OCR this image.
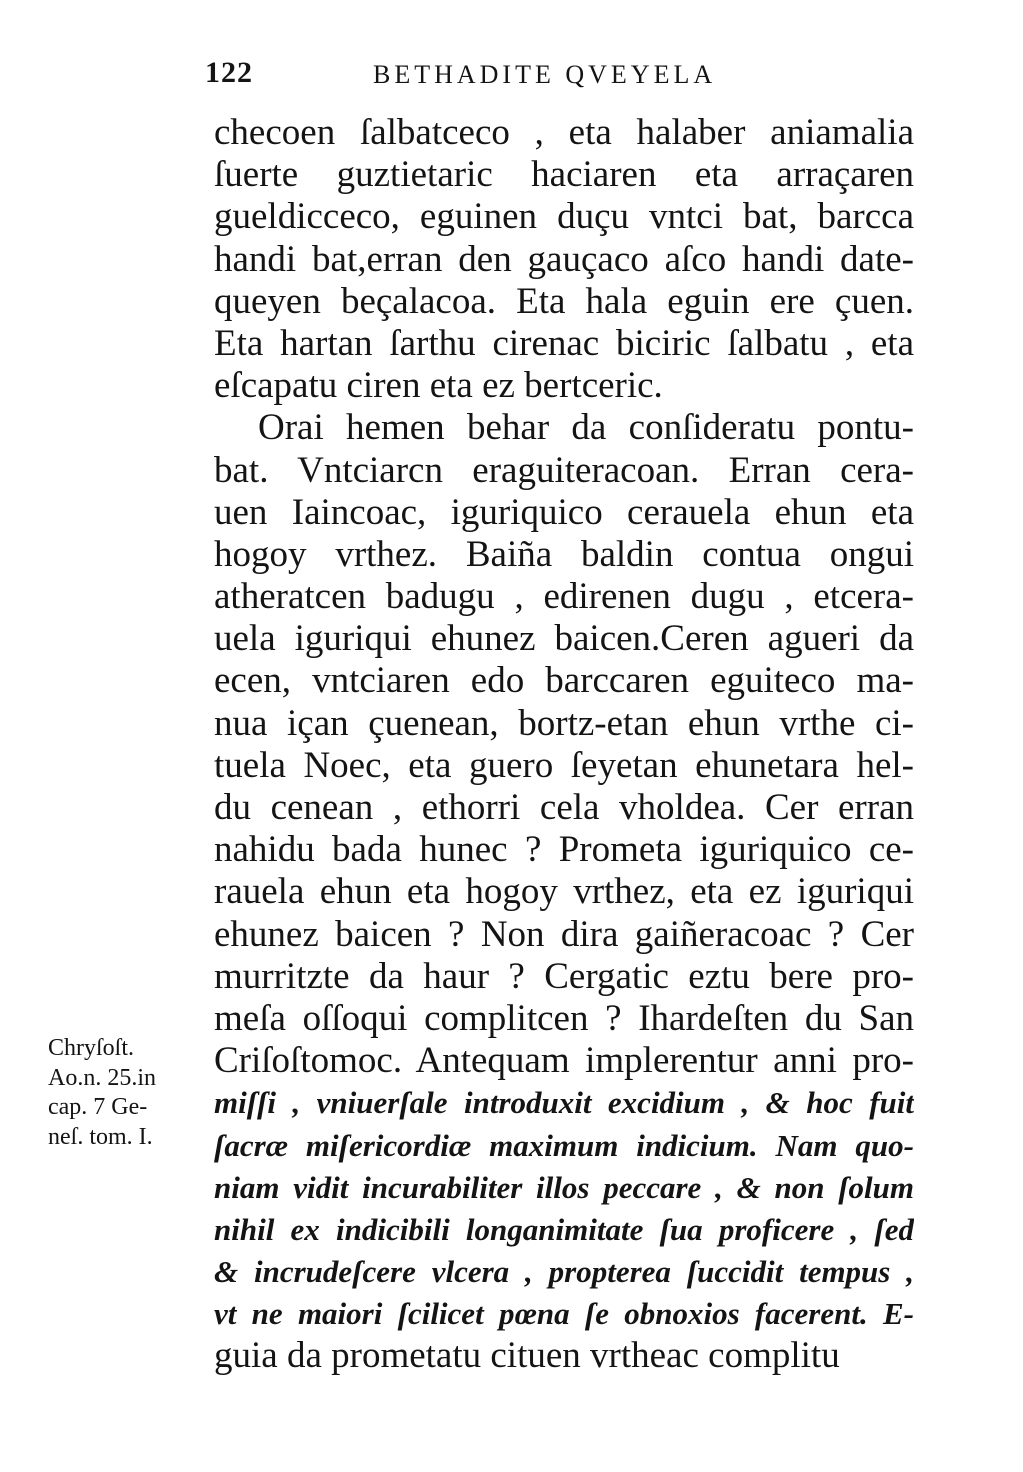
122	BETHADITE QVEYELA
checoen ſalbatceco , eta halaber aniamalia
ſuerte guztietaric haciaren eta arraçaren
gueldicceco, eguinen duçu vntci bat, barcca
handi bat,erran den gauçaco aſco handi date-
queyen beçalacoa. Eta hala eguin ere çuen.
Eta hartan ſarthu cirenac biciric ſalbatu , eta
eſcapatu ciren eta ez bertceric.
Orai hemen behar da conſideratu pontu-
bat. Vntciarcn eraguiteracoan. Erran cera-
uen Iaincoac, iguriquico cerauela ehun eta
hogoy vrthez. Baiña baldin contua ongui
atheratcen badugu , edirenen dugu , etcera-
uela iguriqui ehunez baicen.Ceren agueri da
ecen, vntciaren edo barccaren eguiteco ma-
nua içan çuenean, bortz-etan ehun vrthe ci-
tuela Noec, eta guero ſeyetan ehunetara hel-
du cenean , ethorri cela vholdea. Cer erran
nahidu bada hunec ? Prometa iguriquico ce-
rauela ehun eta hogoy vrthez, eta ez iguriqui
ehunez baicen ? Non dira gaiñeracoac ? Cer
murritzte da haur ? Cergatic eztu bere pro-
meſa oſſoqui complitcen ? Ihardeſten du San
Criſoſtomoc. Antequam implerentur anni pro-
miſſi , vniuerſale introduxit excidium , & hoc fuit
ſacræ miſericordiæ maximum indicium. Nam quo-
niam vidit incurabiliter illos peccare , & non ſolum
nihil ex indicibili longanimitate ſua proficere , ſed
& incrudeſcere vlcera , propterea ſuccidit tempus ,
vt ne maiori ſcilicet pœna ſe obnoxios facerent. E-
guia da prometatu cituen vrtheac complitu
Chryſoſt.
Ao.n. 25.in
cap. 7 Ge-
neſ. tom. I.
